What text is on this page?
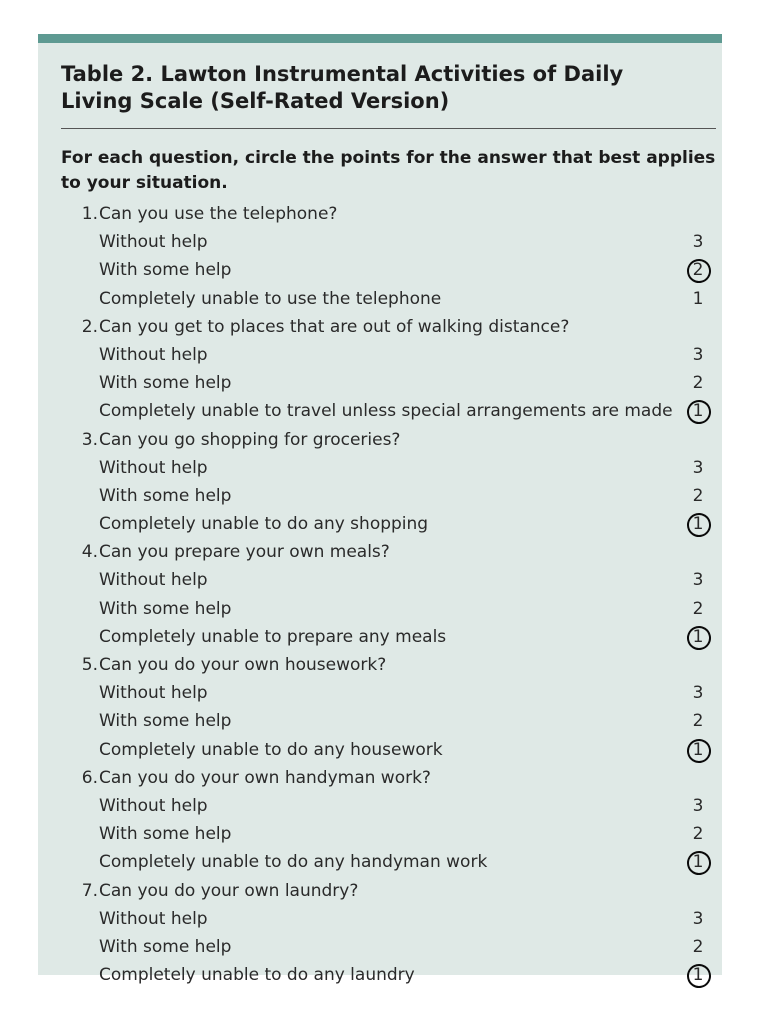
Table 2. Lawton Instrumental Activities of Daily Living Scale (Self-Rated Version)

For each question, circle the points for the answer that best applies to your situation.

1. Can you use the telephone?
Without help	3
With some help	2
Completely unable to use the telephone	1
2. Can you get to places that are out of walking distance?
Without help	3
With some help	2
Completely unable to travel unless special arrangements are made 1
3. Can you go shopping for groceries?
Without help	3
With some help	2
Completely unable to do any shopping	1
4. Can you prepare your own meals?
Without help	3
With some help	2
Completely unable to prepare any meals	1
5. Can you do your own housework?
Without help	3
With some help	2
Completely unable to do any housework	1
6. Can you do your own handyman work?
Without help	3
With some help	2
Completely unable to do any handyman work	1
7. Can you do your own laundry?
Without help	3
With some help	2
Completely unable to do any laundry	1
